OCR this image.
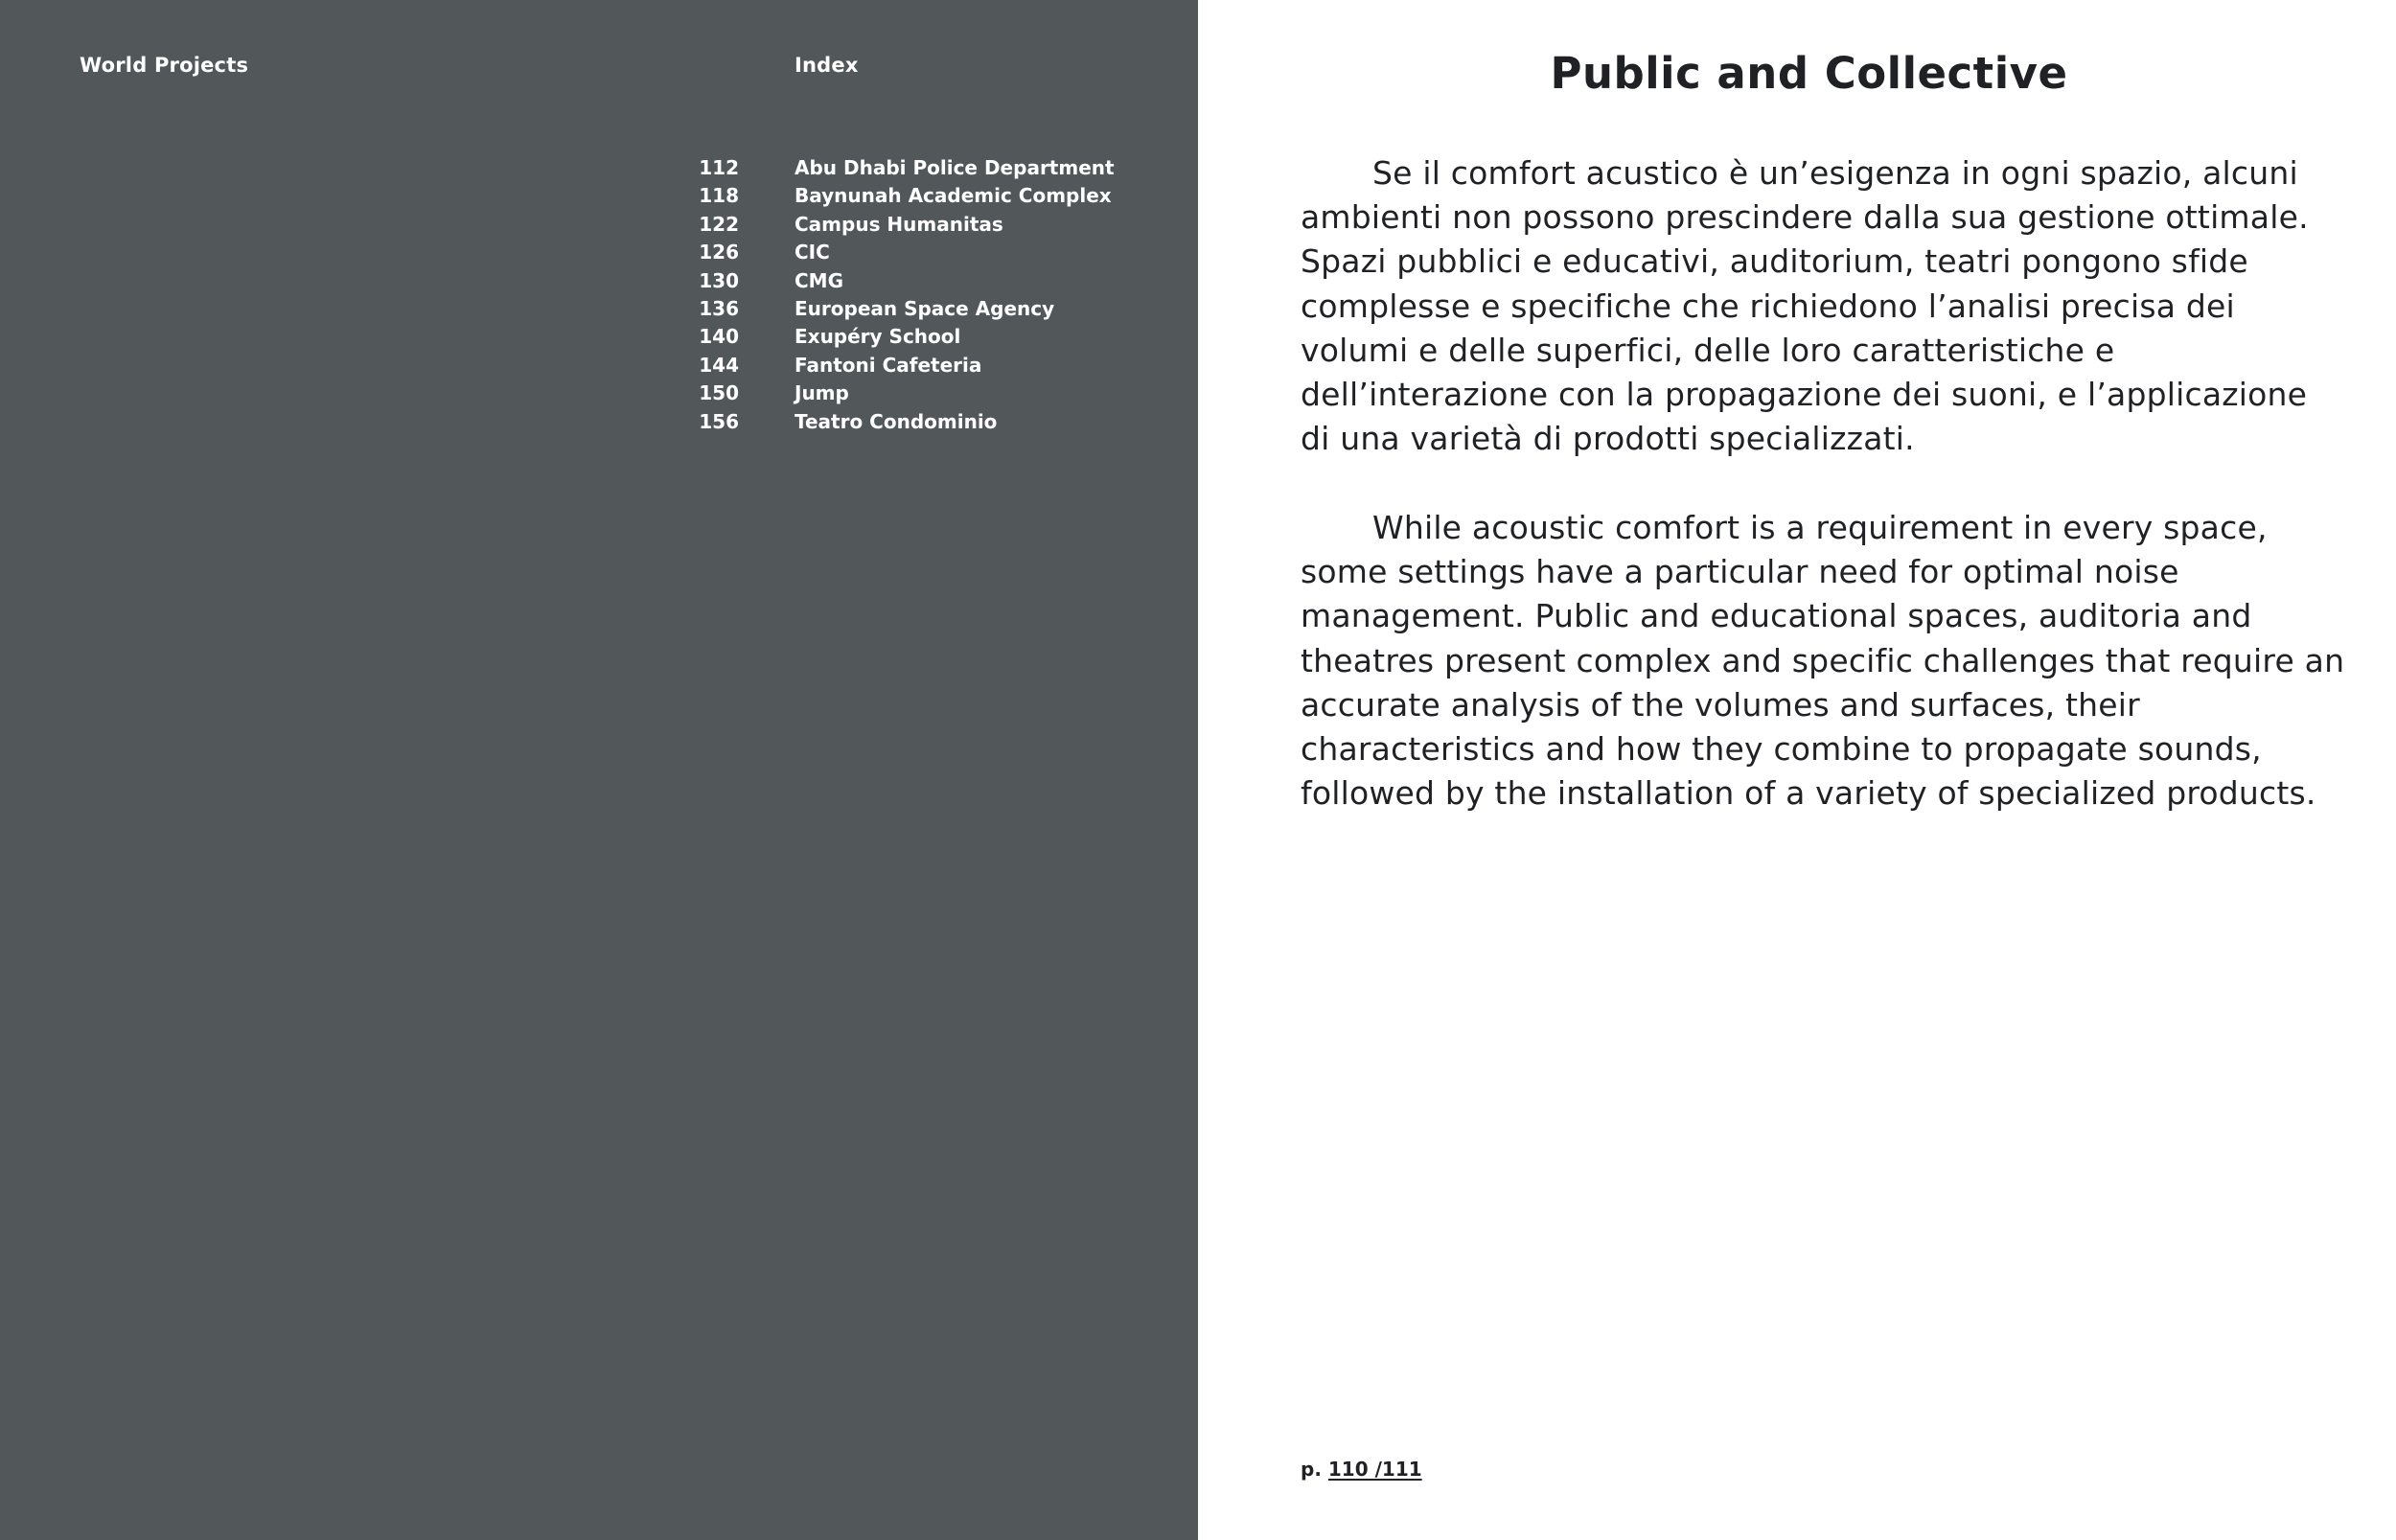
World Projects	Index
112	Abu Dhabi Police Department
118	Baynunah Academic Complex
122	Campus Humanitas
126	CIC
130	CMG
136	European Space Agency
140	Exupéry School
144	Fantoni Cafeteria
150	Jump
156	Teatro Condominio
Public and Collective

Se il comfort acustico è un’esigenza in ogni spazio, alcuni ambienti non possono prescindere dalla sua gestione ottimale. Spazi pubblici e educativi, auditorium, teatri pongono sfide complesse e specifiche che richiedono l’analisi precisa dei volumi e delle superfici, delle loro caratteristiche e dell’interazione con la propagazione dei suoni, e l’applicazione di una varietà di prodotti specializzati.

While acoustic comfort is a requirement in every space, some settings have a particular need for optimal noise management. Public and educational spaces, auditoria and theatres present complex and specific challenges that require an accurate analysis of the volumes and surfaces, their characteristics and how they combine to propagate sounds, followed by the installation of a variety of specialized products.

p. 110 /111
